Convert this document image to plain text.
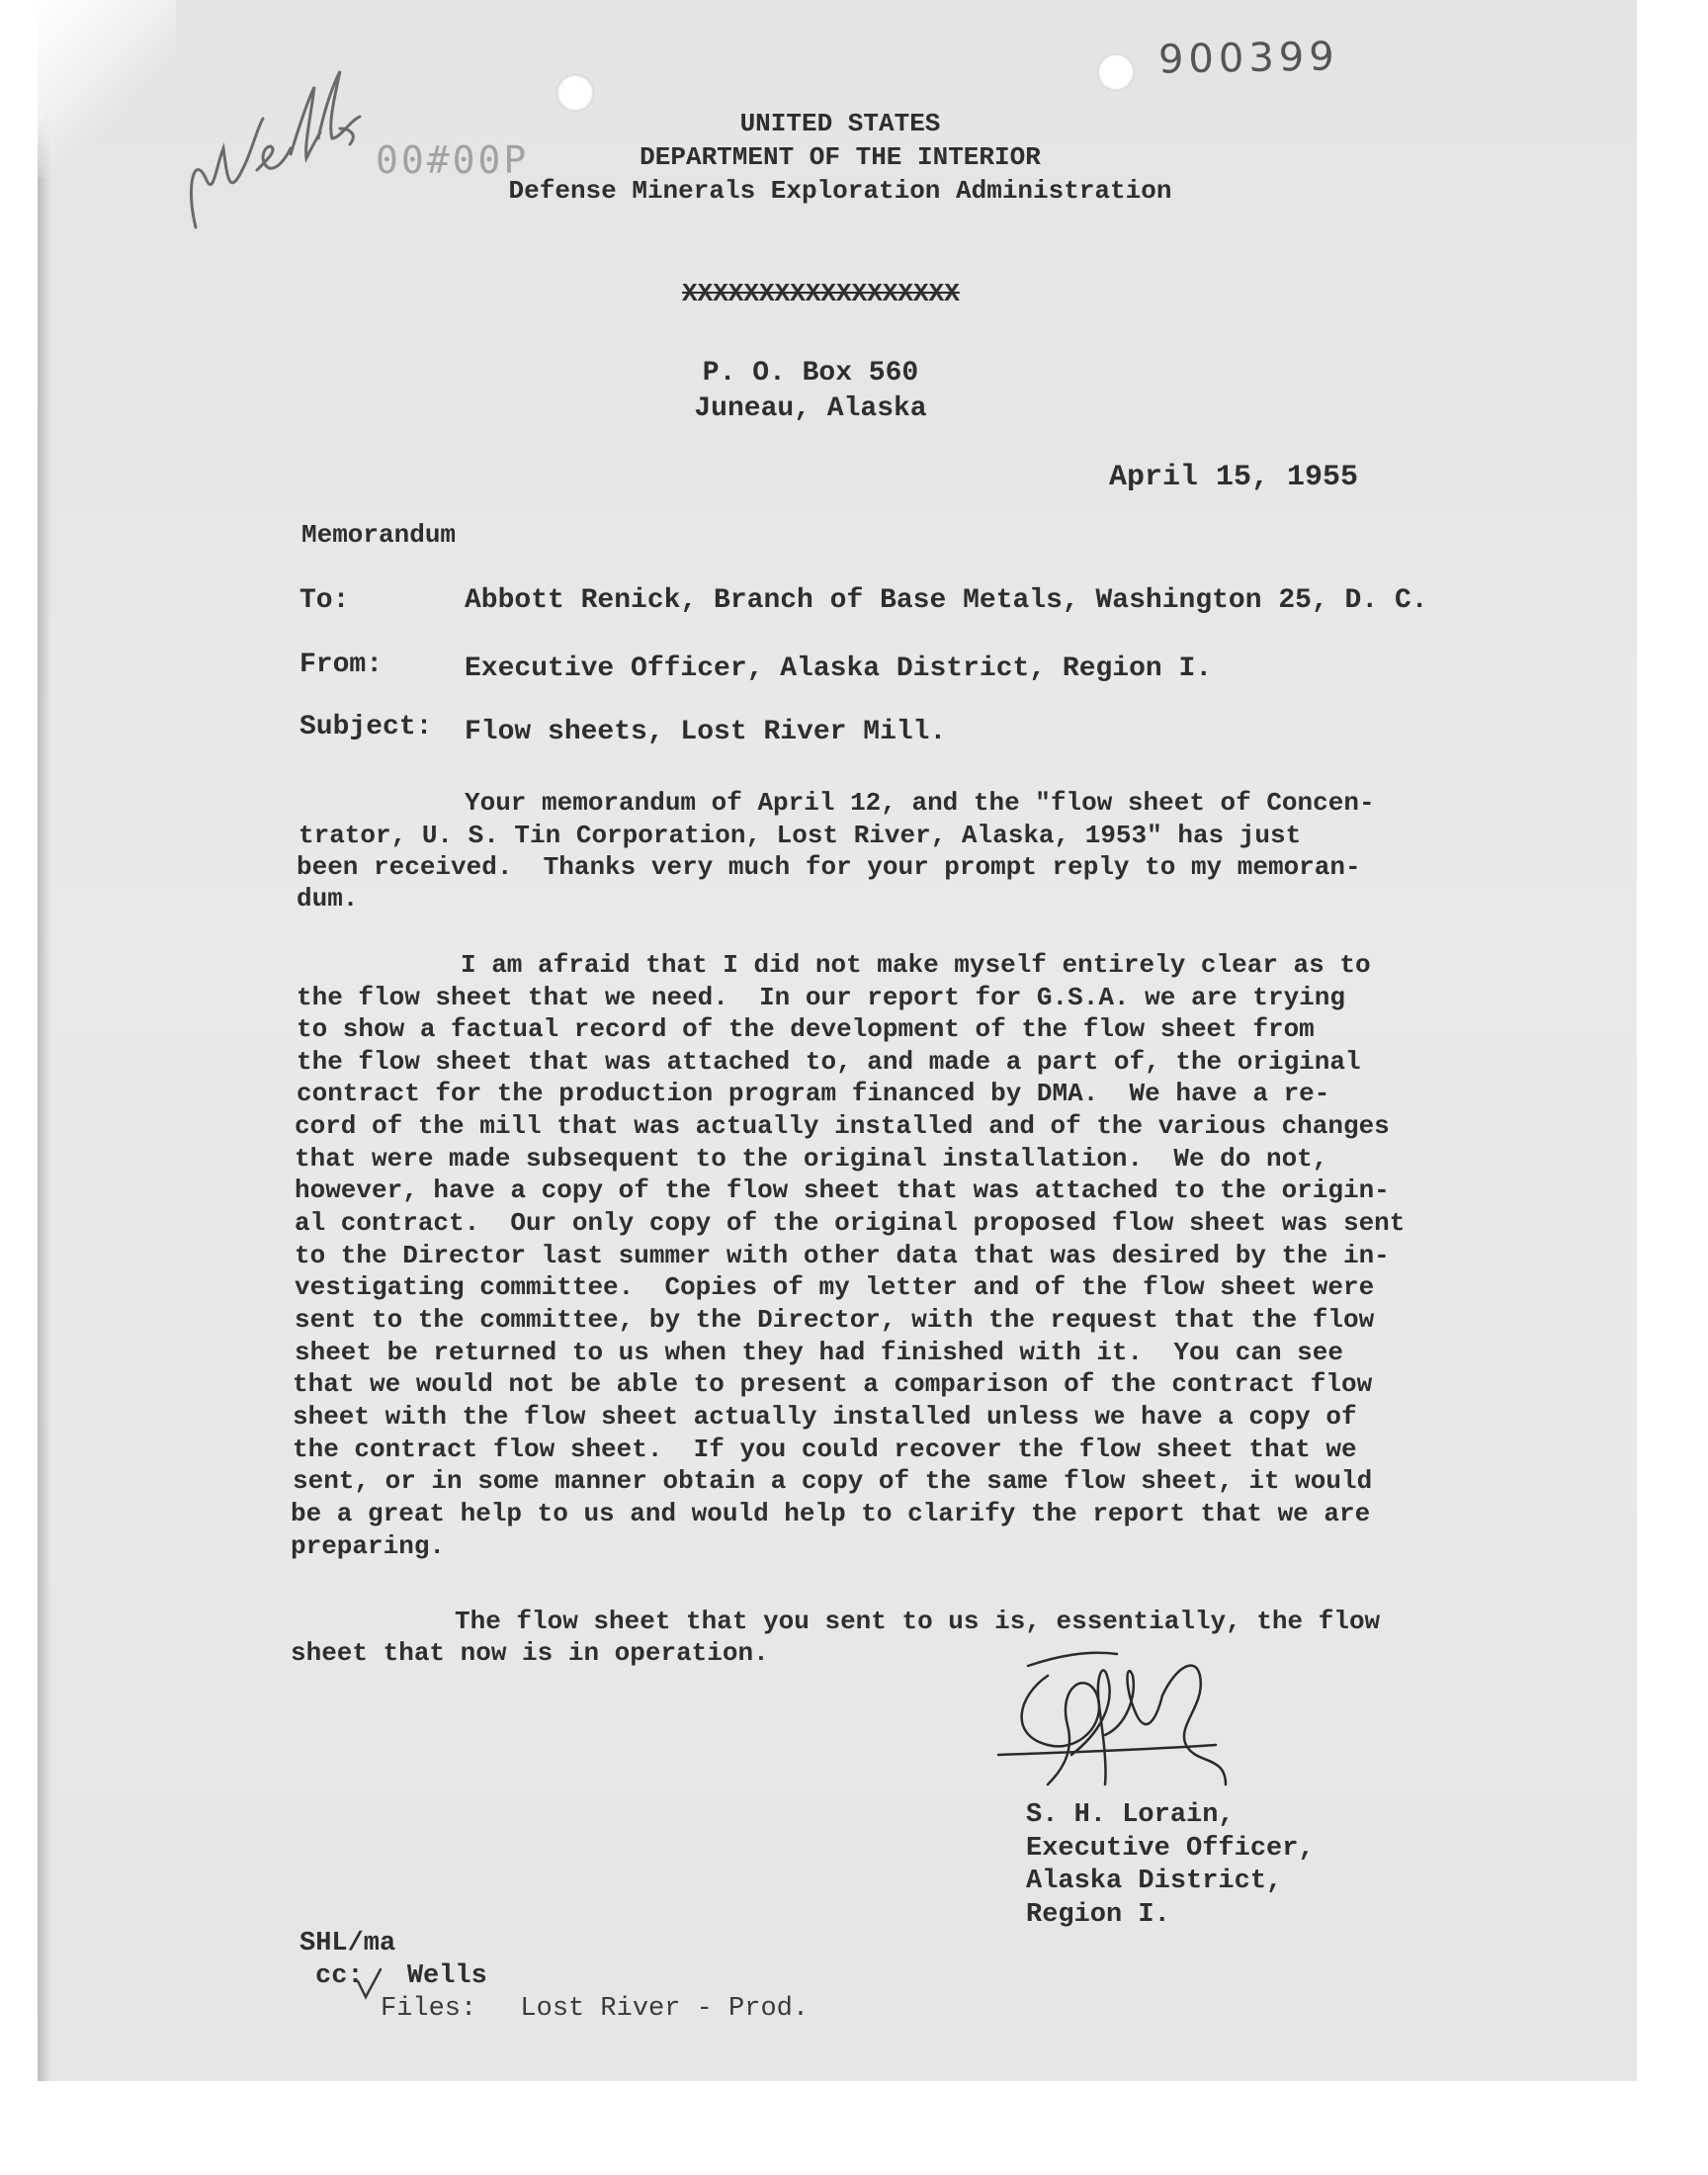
900399
00#00P
UNITED STATES
DEPARTMENT OF THE INTERIOR
Defense Minerals Exploration Administration
XXXXXXXXXXXXXXXXXX
P. O. Box 560
Juneau, Alaska
April 15, 1955
Memorandum
To:	Abbott Renick, Branch of Base Metals, Washington 25, D. C.
From:	Executive Officer, Alaska District, Region I.
Subject: Flow sheets, Lost River Mill.
Your memorandum of April 12, and the "flow sheet of Concen-
trator, U. S. Tin Corporation, Lost River, Alaska, 1953" has just
been received.  Thanks very much for your prompt reply to my memoran-
dum.
I am afraid that I did not make myself entirely clear as to
the flow sheet that we need.  In our report for G.S.A. we are trying
to show a factual record of the development of the flow sheet from
the flow sheet that was attached to, and made a part of, the original
contract for the production program financed by DMA.  We have a re-
cord of the mill that was actually installed and of the various changes
that were made subsequent to the original installation.  We do not,
however, have a copy of the flow sheet that was attached to the origin-
al contract.  Our only copy of the original proposed flow sheet was sent
to the Director last summer with other data that was desired by the in-
vestigating committee.  Copies of my letter and of the flow sheet were
sent to the committee, by the Director, with the request that the flow
sheet be returned to us when they had finished with it.  You can see
that we would not be able to present a comparison of the contract flow
sheet with the flow sheet actually installed unless we have a copy of
the contract flow sheet.  If you could recover the flow sheet that we
sent, or in some manner obtain a copy of the same flow sheet, it would
be a great help to us and would help to clarify the report that we are
preparing.
The flow sheet that you sent to us is, essentially, the flow
sheet that now is in operation.
S. H. Lorain,
Executive Officer,
Alaska District,
Region I.
SHL/ma
cc: Wells
Files: Lost River - Prod.
